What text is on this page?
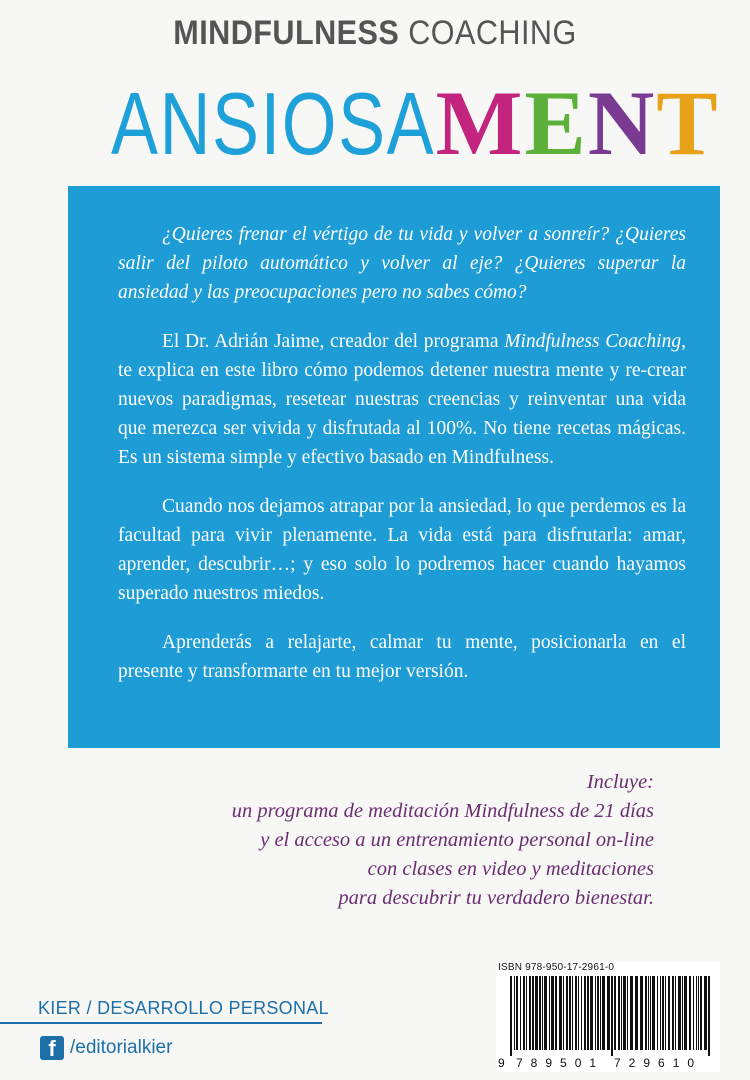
MINDFULNESS COACHING
ANSIOSAMENT

¿Quieres frenar el vértigo de tu vida y volver a sonreír? ¿Quieres salir del piloto automático y volver al eje? ¿Quieres superar la ansiedad y las preocupaciones pero no sabes cómo?

El Dr. Adrián Jaime, creador del programa Mindfulness Coaching, te explica en este libro cómo podemos detener nuestra mente y re-crear nuevos paradigmas, resetear nuestras creencias y reinventar una vida que merezca ser vivida y disfrutada al 100%. No tiene recetas mágicas. Es un sistema simple y efectivo basado en Mindfulness.

Cuando nos dejamos atrapar por la ansiedad, lo que perdemos es la facultad para vivir plenamente. La vida está para disfrutarla: amar, aprender, descubrir…; y eso solo lo podremos hacer cuando hayamos superado nuestros miedos.

Aprenderás a relajarte, calmar tu mente, posicionarla en el presente y transformarte en tu mejor versión.

Incluye:
un programa de meditación Mindfulness de 21 días
y el acceso a un entrenamiento personal on-line
con clases en video y meditaciones
para descubrir tu verdadero bienestar.
KIER / DESARROLLO PERSONAL
f /editorialkier
ISBN 978-950-17-2961-0
9 789501 729610
